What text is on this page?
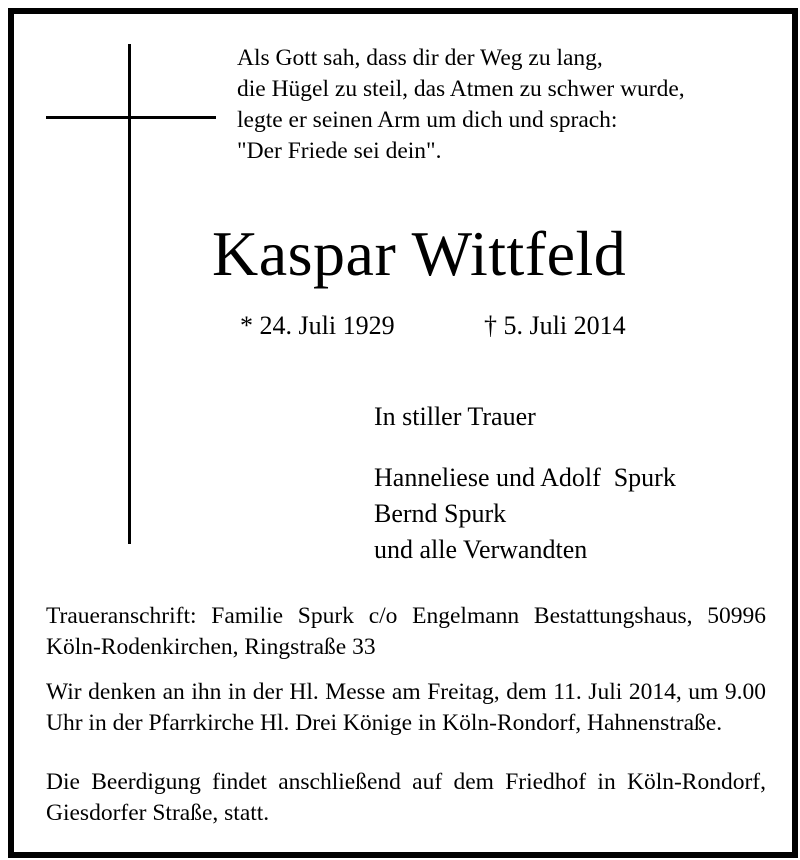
Als Gott sah, dass dir der Weg zu lang,
die Hügel zu steil, das Atmen zu schwer wurde,
legte er seinen Arm um dich und sprach:
"Der Friede sei dein".
Kaspar Wittfeld
* 24. Juli 1929	† 5. Juli 2014
In stiller Trauer
Hanneliese und Adolf  Spurk
Bernd Spurk
und alle Verwandten

Traueranschrift: Familie Spurk c/o Engelmann Bestattungshaus, 50996 Köln-Rodenkirchen, Ringstraße 33

Wir denken an ihn in der Hl. Messe am Freitag, dem 11. Juli 2014, um 9.00 Uhr in der Pfarrkirche Hl. Drei Könige in Köln-Rondorf, Hahnenstraße.

Die Beerdigung findet anschließend auf dem Friedhof in Köln-Rondorf, Giesdorfer Straße, statt.
